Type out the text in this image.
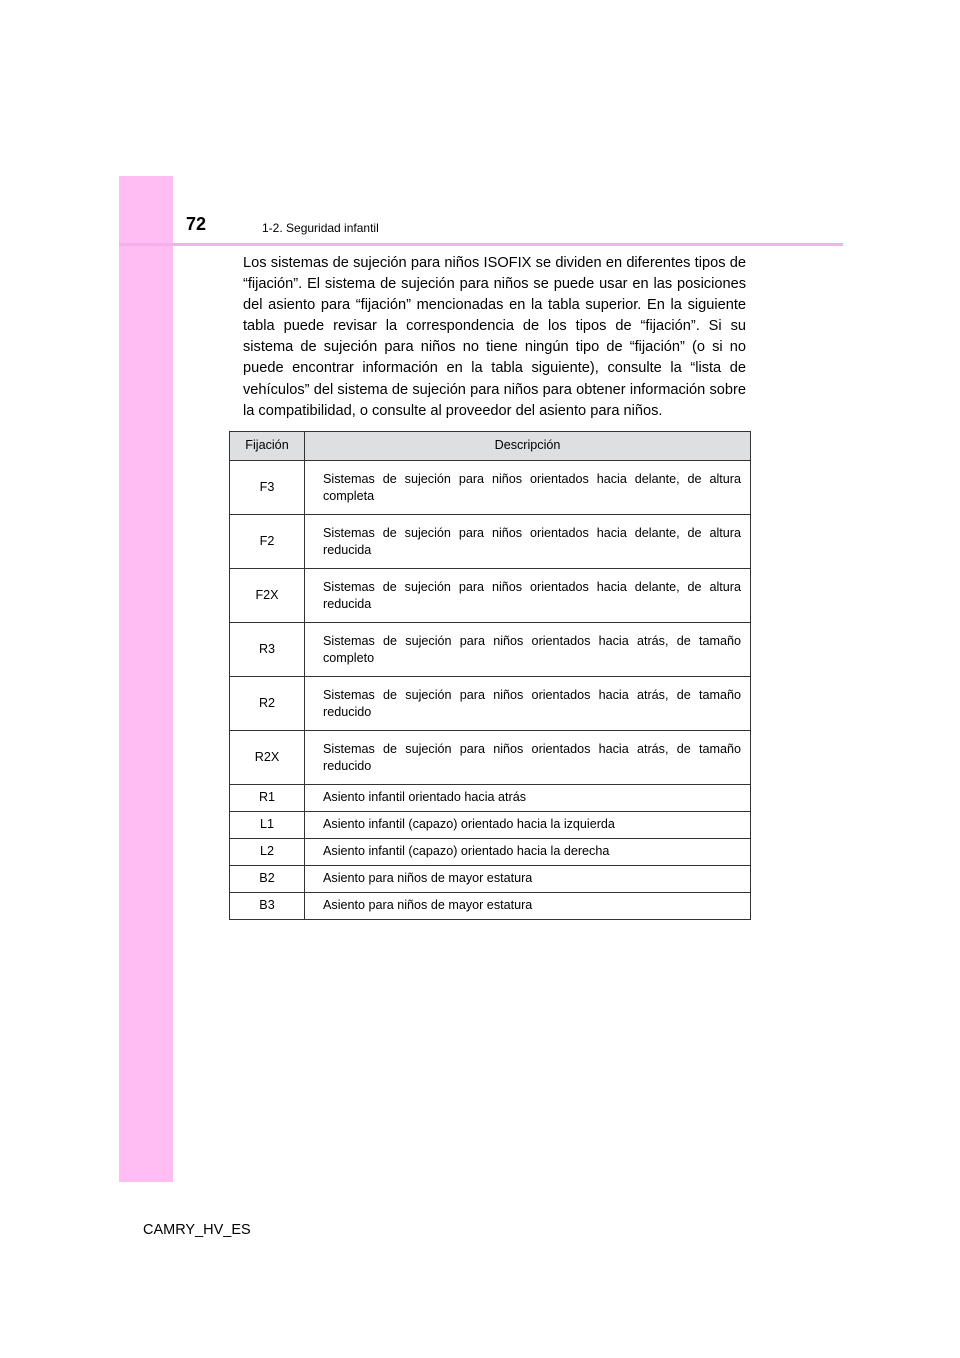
72	1-2. Seguridad infantil

Los sistemas de sujeción para niños ISOFIX se dividen en diferentes tipos de “fijación”. El sistema de sujeción para niños se puede usar en las posiciones del asiento para “fijación” mencionadas en la tabla superior. En la siguiente tabla puede revisar la correspondencia de los tipos de “fijación”. Si su sistema de sujeción para niños no tiene ningún tipo de “fijación” (o si no puede encontrar información en la tabla siguiente), consulte la “lista de vehículos” del sistema de sujeción para niños para obtener información sobre la compatibilidad, o consulte al proveedor del asiento para niños.

Fijación	Descripción
F3	Sistemas de sujeción para niños orientados hacia delante, de altura completa
F2	Sistemas de sujeción para niños orientados hacia delante, de altura reducida
F2X	Sistemas de sujeción para niños orientados hacia delante, de altura reducida
R3	Sistemas de sujeción para niños orientados hacia atrás, de tamaño completo
R2	Sistemas de sujeción para niños orientados hacia atrás, de tamaño reducido
R2X	Sistemas de sujeción para niños orientados hacia atrás, de tamaño reducido
R1	Asiento infantil orientado hacia atrás
L1	Asiento infantil (capazo) orientado hacia la izquierda
L2	Asiento infantil (capazo) orientado hacia la derecha
B2	Asiento para niños de mayor estatura
B3	Asiento para niños de mayor estatura
CAMRY_HV_ES
